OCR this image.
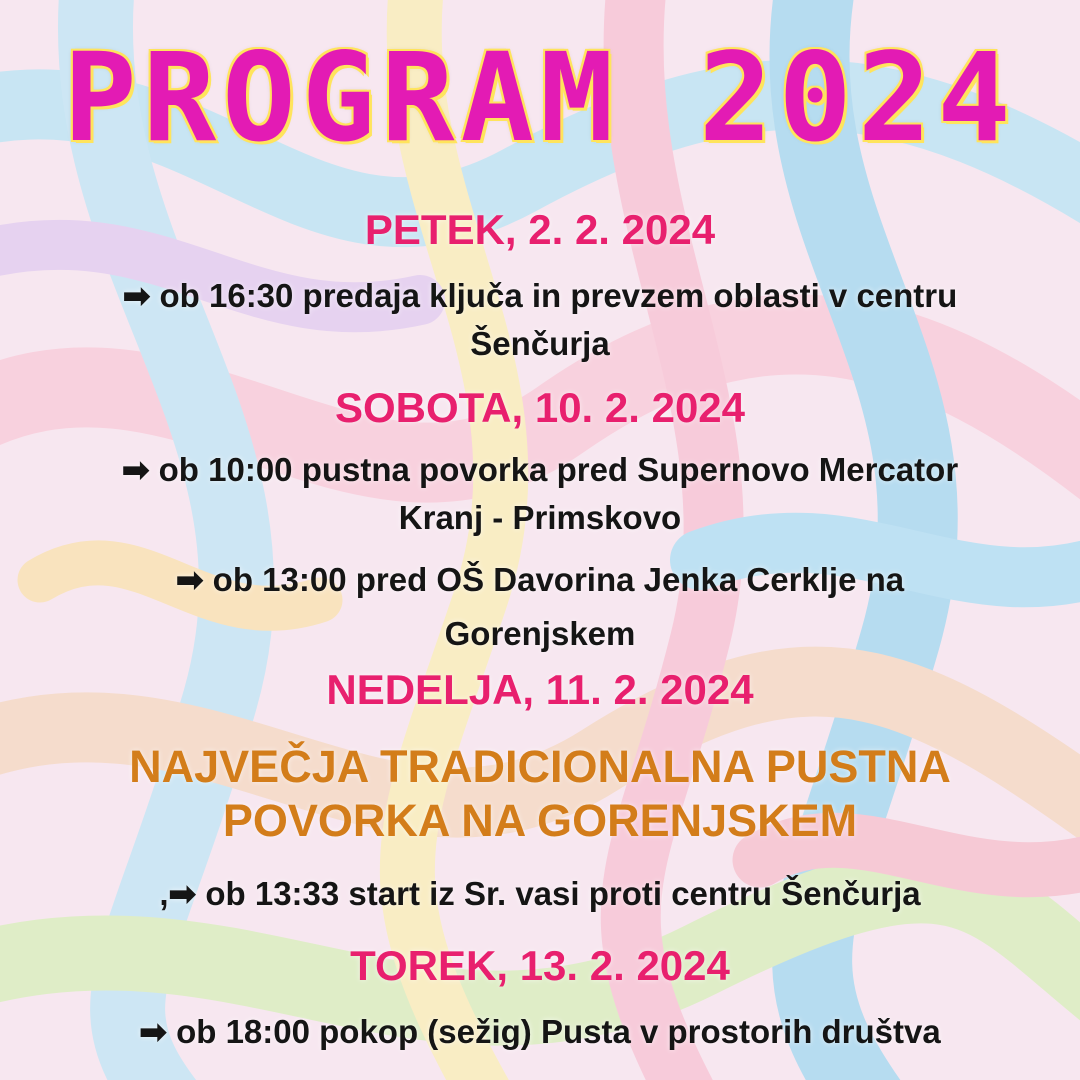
PROGRAM 2024
PETEK, 2. 2. 2024
➡ ob 16:30 predaja ključa in prevzem oblasti v centru
Šenčurja
SOBOTA, 10. 2. 2024
➡ ob 10:00 pustna povorka pred Supernovo Mercator
Kranj - Primskovo
➡ ob 13:00 pred OŠ Davorina Jenka Cerklje na
Gorenjskem
NEDELJA, 11. 2. 2024
NAJVEČJA TRADICIONALNA PUSTNA
POVORKA NA GORENJSKEM
,➡ ob 13:33 start iz Sr. vasi proti centru Šenčurja
TOREK, 13. 2. 2024
➡ ob 18:00 pokop (sežig) Pusta v prostorih društva
